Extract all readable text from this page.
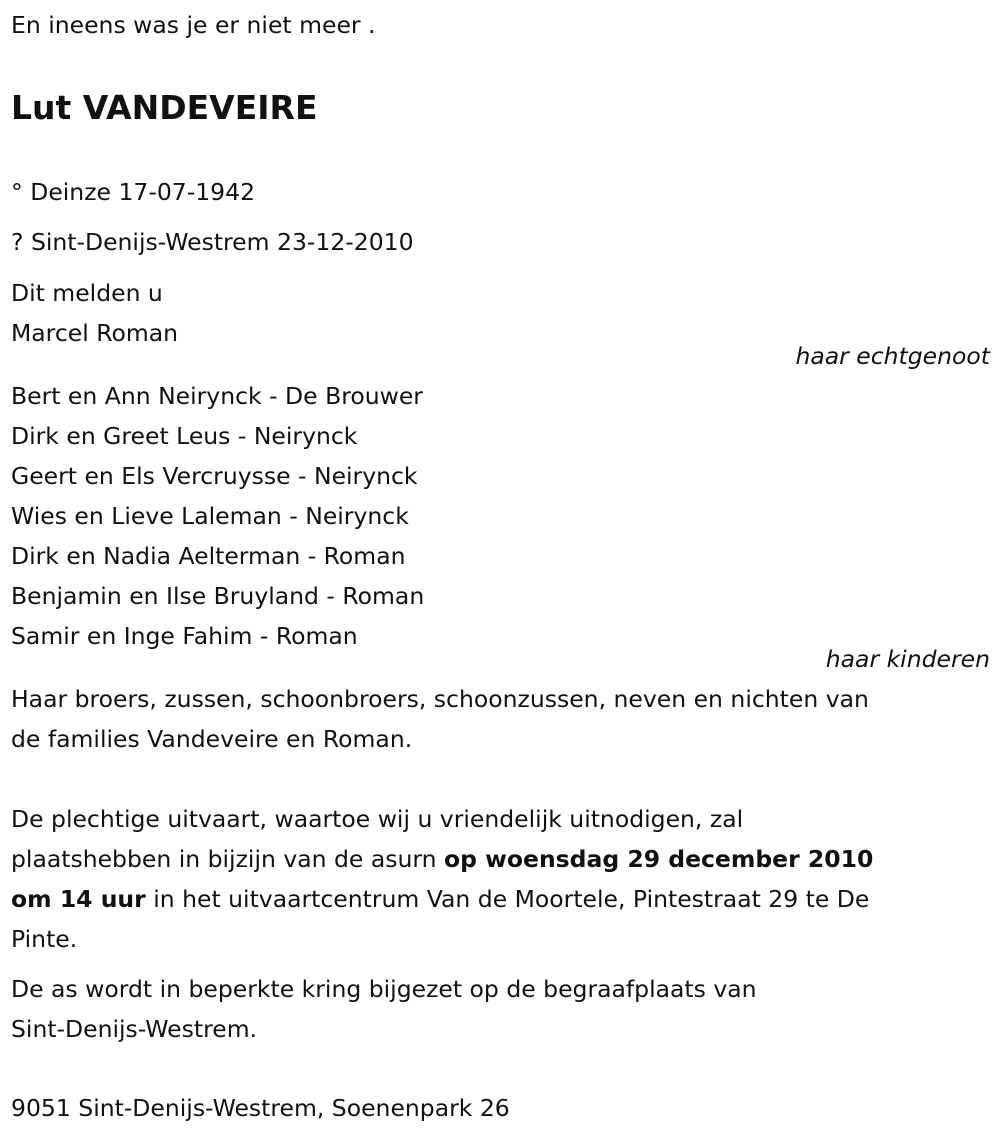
En ineens was je er niet meer .
Lut VANDEVEIRE
° Deinze 17-07-1942
? Sint-Denijs-Westrem 23-12-2010
Dit melden u
Marcel Roman
haar echtgenoot
Bert en Ann Neirynck - De Brouwer
Dirk en Greet Leus - Neirynck
Geert en Els Vercruysse - Neirynck
Wies en Lieve Laleman - Neirynck
Dirk en Nadia Aelterman - Roman
Benjamin en Ilse Bruyland - Roman
Samir en Inge Fahim - Roman
haar kinderen
Haar broers, zussen, schoonbroers, schoonzussen, neven en nichten van
de families Vandeveire en Roman.
De plechtige uitvaart, waartoe wij u vriendelijk uitnodigen, zal
plaatshebben in bijzijn van de asurn op woensdag 29 december 2010
om 14 uur in het uitvaartcentrum Van de Moortele, Pintestraat 29 te De
Pinte.
De as wordt in beperkte kring bijgezet op de begraafplaats van
Sint-Denijs-Westrem.
9051 Sint-Denijs-Westrem, Soenenpark 26
